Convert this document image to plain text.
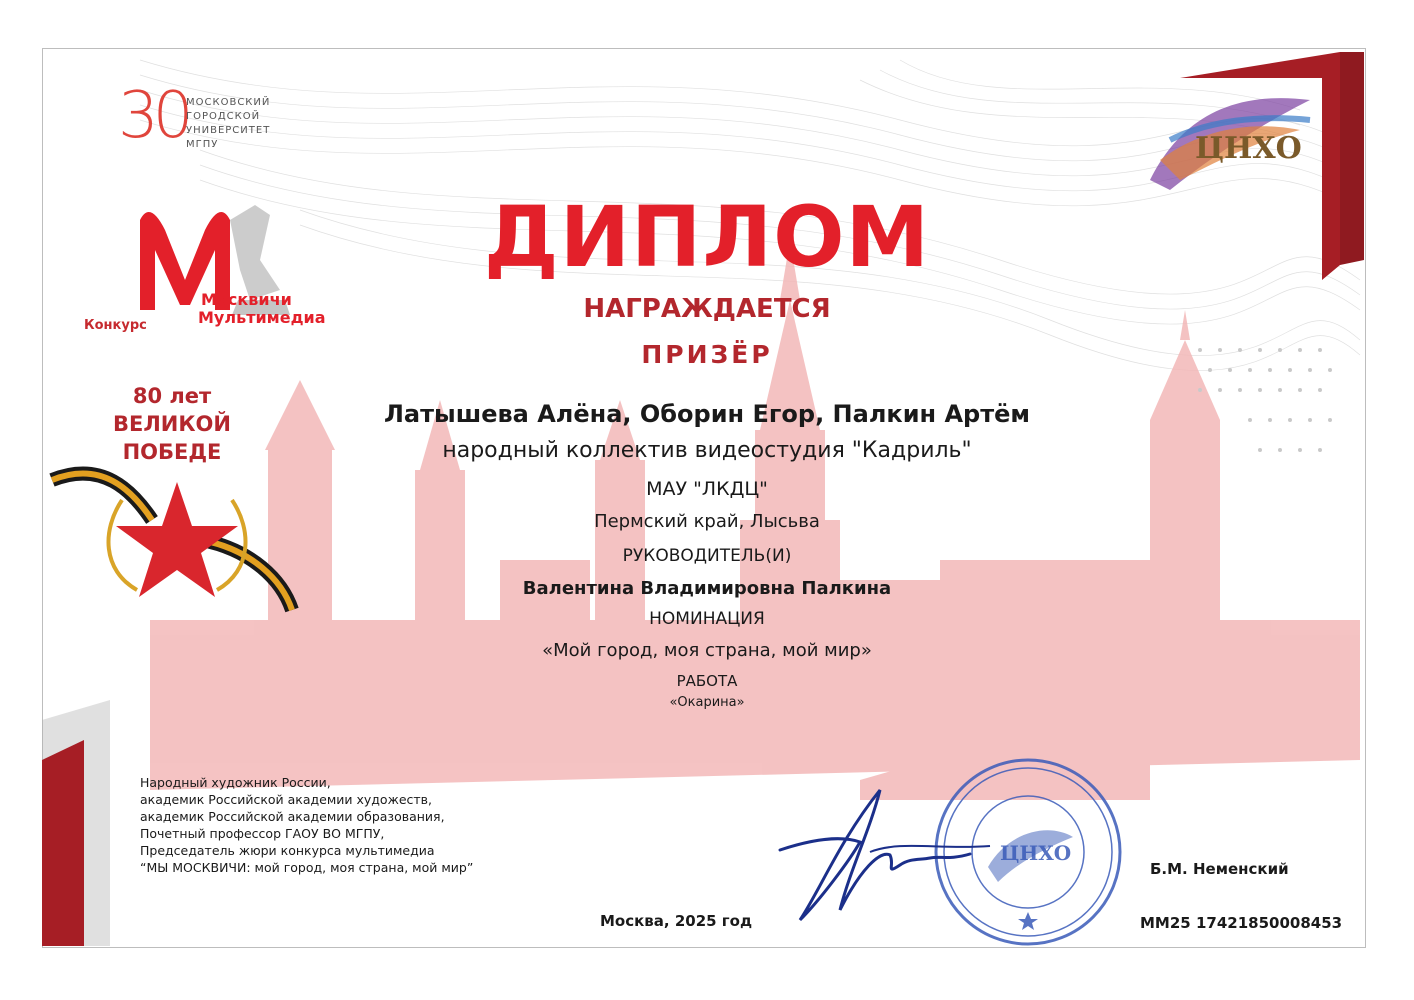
30
МОСКОВСКИЙ
ГОРОДСКОЙ
УНИВЕРСИТЕТ
МГПУ
Москвичи
Мультимедиа
Конкурс
80 лет
ВЕЛИКОЙ
ПОБЕДЕ
ЦНХО
ДИПЛОМ
НАГРАЖДАЕТСЯ
ПРИЗЁР
Латышева Алёна, Оборин Егор, Палкин Артём
народный коллектив видеостудия "Кадриль"
МАУ "ЛКДЦ"
Пермский край, Лысьва
РУКОВОДИТЕЛЬ(И)
Валентина Владимировна Палкина
НОМИНАЦИЯ
«Мой город, моя страна, мой мир»
РАБОТА
«Окарина»
Народный художник России,
академик Российской академии художеств,
академик Российской академии образования,
Почетный профессор ГАОУ ВО МГПУ,
Председатель жюри конкурса мультимедиа
“МЫ МОСКВИЧИ: мой город, моя страна, мой мир”
ЦНХО
Б.М. Неменский
Москва, 2025 год	ММ25 17421850008453
